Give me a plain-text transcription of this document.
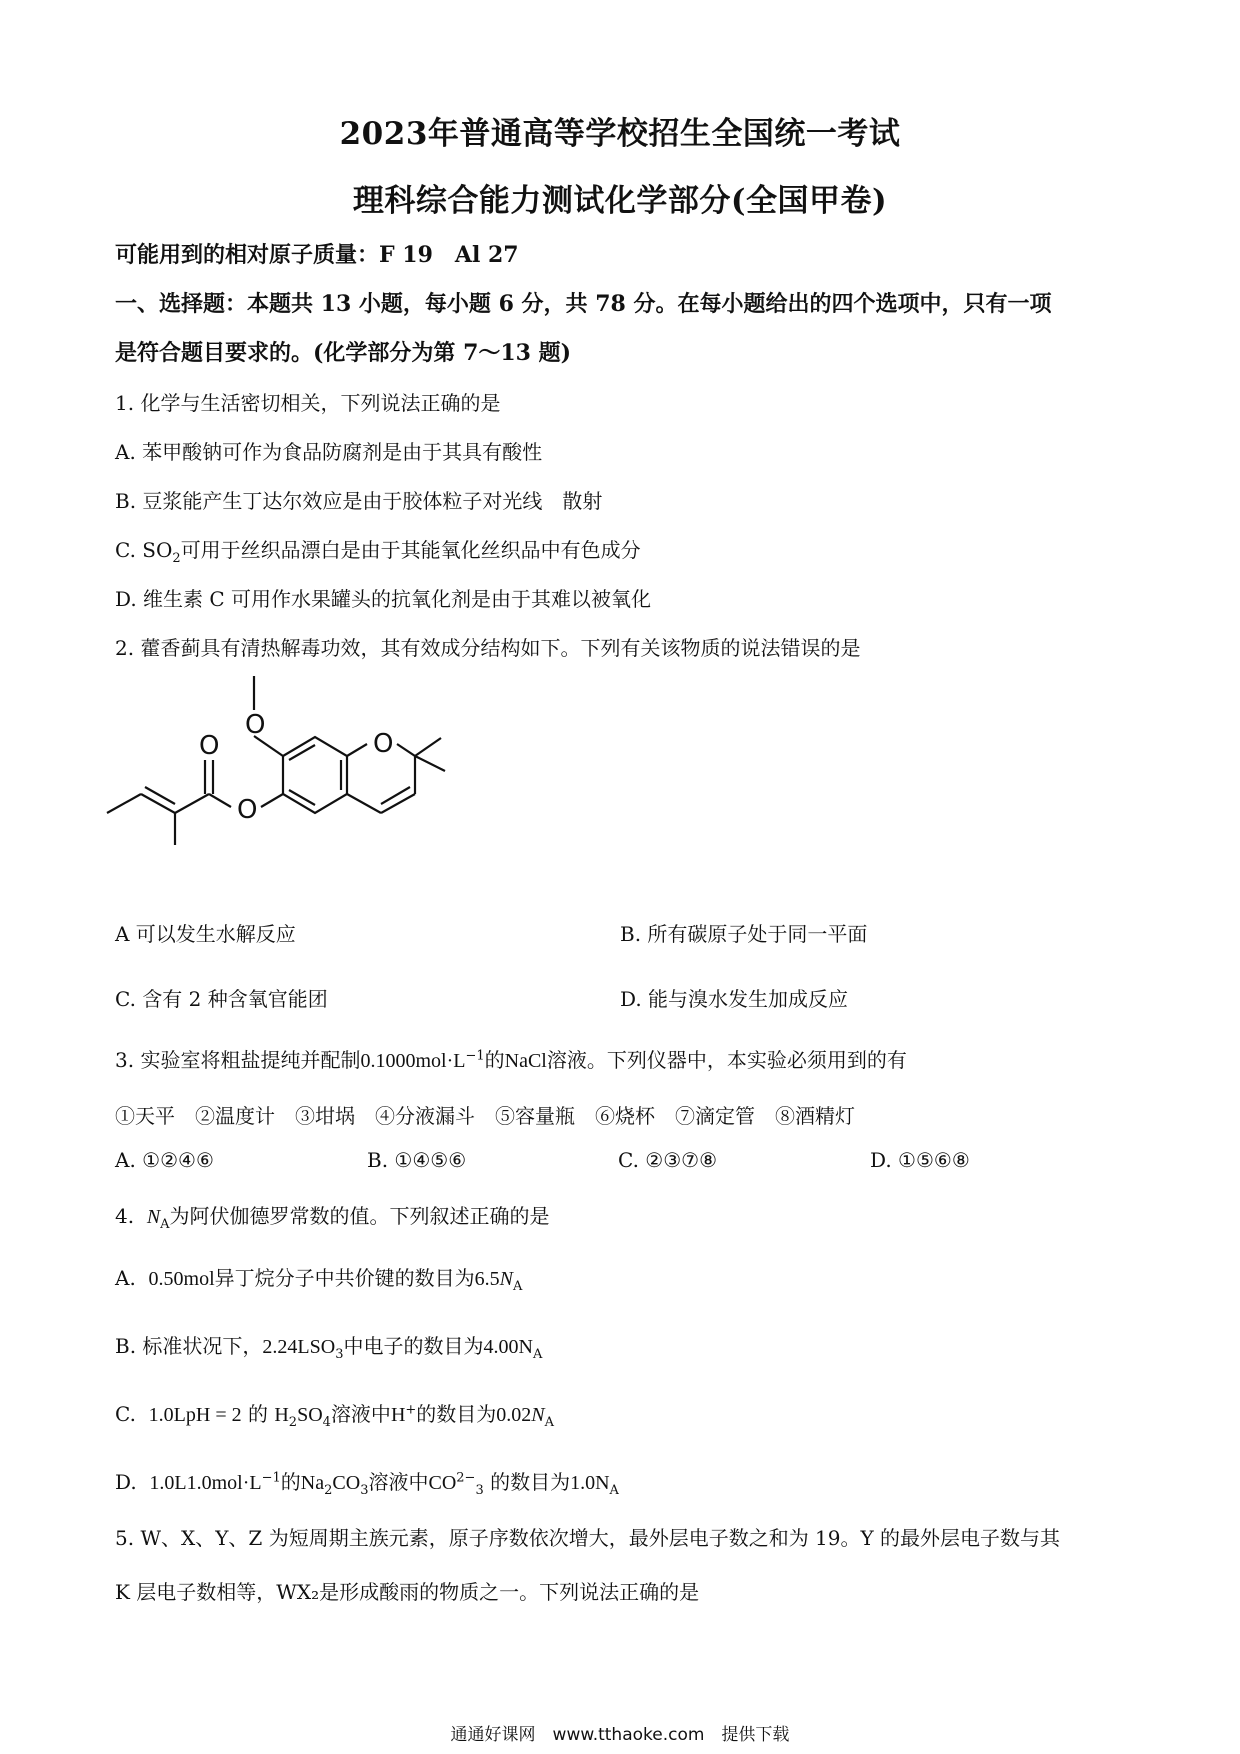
2023年普通高等学校招生全国统一考试
理科综合能力测试化学部分(全国甲卷)
可能用到的相对原子质量：F 19　Al 27
一、选择题：本题共 13 小题，每小题 6 分，共 78 分。在每小题给出的四个选项中，只有一项
是符合题目要求的。(化学部分为第 7～13 题)
1. 化学与生活密切相关，下列说法正确的是
A. 苯甲酸钠可作为食品防腐剂是由于其具有酸性
B. 豆浆能产生丁达尔效应是由于胶体粒子对光线　散射
C. $SO_2$可用于丝织品漂白是由于其能氧化丝织品中有色成分
D. 维生素 C 可用作水果罐头的抗氧化剂是由于其难以被氧化
2. 藿香蓟具有清热解毒功效，其有效成分结构如下。下列有关该物质的说法错误的是
O
O
O
O
A 可以发生水解反应	B. 所有碳原子处于同一平面
C. 含有 2 种含氧官能团	D. 能与溴水发生加成反应
3. 实验室将粗盐提纯并配制$0.1000mol\cdot L^{-1}$的NaCl溶液。下列仪器中，本实验必须用到的有
①天平　②温度计　③坩埚　④分液漏斗　⑤容量瓶　⑥烧杯　⑦滴定管　⑧酒精灯
A. ①②④⑥	B. ①④⑤⑥	C. ②③⑦⑧	D. ①⑤⑥⑧
4. $N_A$为阿伏伽德罗常数的值。下列叙述正确的是
A. 0.50mol异丁烷分子中共价键的数目为$6.5N_A$
B. 标准状况下，$2.24LSO_3$中电子的数目为$4.00N_A$
C. 1.0LpH = 2 的 $H_2SO_4$溶液中H+的数目为$0.02N_A$
D. $1.0L1.0mol\cdot L^{-1}$的$Na_2CO_3$溶液中$CO^{2-}_3$ 的数目为$1.0N_A$
5. W、X、Y、Z 为短周期主族元素，原子序数依次增大，最外层电子数之和为 19。Y 的最外层电子数与其
K 层电子数相等，WX₂是形成酸雨的物质之一。下列说法正确的是
通通好课网　www.tthaoke.com　提供下载
